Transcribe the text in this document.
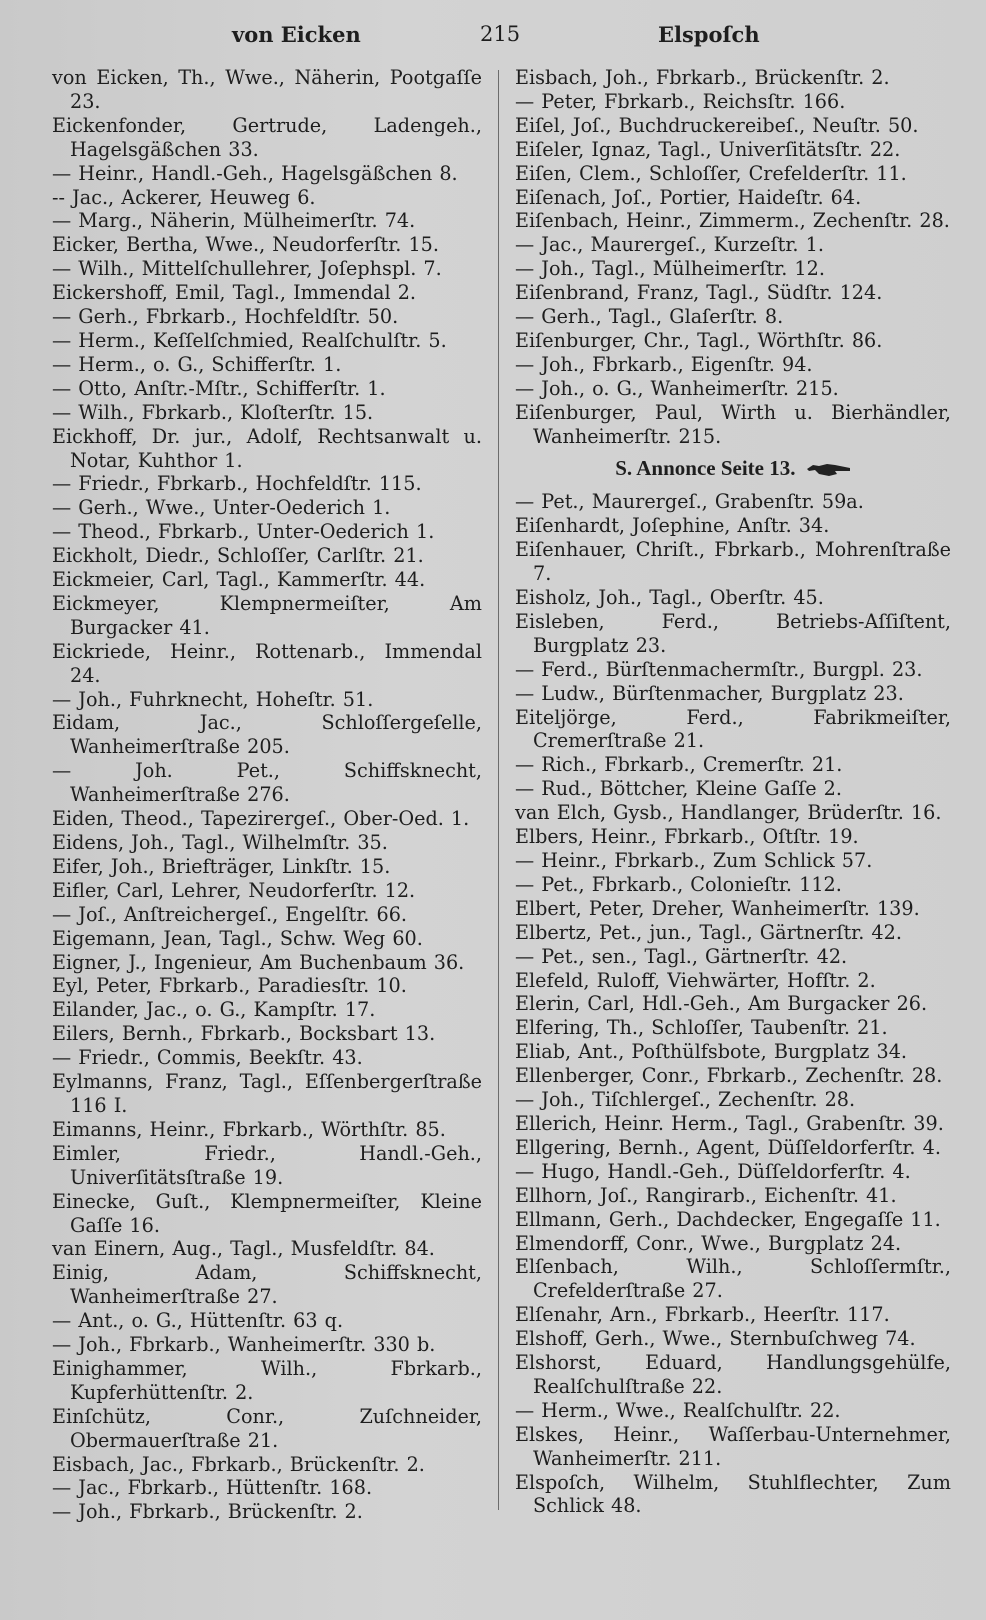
von Eicken	215	Elspoſch
von Eicken, Th., Wwe., Näherin, Pootgaſſe 23.
Eickenfonder, Gertrude, Ladengeh., Hagelsgäßchen 33.
— Heinr., Handl.-Geh., Hagelsgäßchen 8.
-- Jac., Ackerer, Heuweg 6.
— Marg., Näherin, Mülheimerſtr. 74.
Eicker, Bertha, Wwe., Neudorferſtr. 15.
— Wilh., Mittelſchullehrer, Joſephspl. 7.
Eickershoff, Emil, Tagl., Immendal 2.
— Gerh., Fbrkarb., Hochfeldſtr. 50.
— Herm., Keſſelſchmied, Realſchulſtr. 5.
— Herm., o. G., Schifferſtr. 1.
— Otto, Anſtr.-Mſtr., Schifferſtr. 1.
— Wilh., Fbrkarb., Kloſterſtr. 15.
Eickhoff, Dr. jur., Adolf, Rechtsanwalt u. Notar, Kuhthor 1.
— Friedr., Fbrkarb., Hochfeldſtr. 115.
— Gerh., Wwe., Unter-Oederich 1.
— Theod., Fbrkarb., Unter-Oederich 1.
Eickholt, Diedr., Schloſſer, Carlſtr. 21.
Eickmeier, Carl, Tagl., Kammerſtr. 44.
Eickmeyer, Klempnermeiſter, Am Burgacker 41.
Eickriede, Heinr., Rottenarb., Immendal 24.
— Joh., Fuhrknecht, Hoheſtr. 51.
Eidam, Jac., Schloſſergeſelle, Wanheimerſtraße 205.
— Joh. Pet., Schiffsknecht, Wanheimerſtraße 276.
Eiden, Theod., Tapezirergeſ., Ober-Oed. 1.
Eidens, Joh., Tagl., Wilhelmſtr. 35.
Eifer, Joh., Briefträger, Linkſtr. 15.
Eifler, Carl, Lehrer, Neudorferſtr. 12.
— Joſ., Anſtreichergeſ., Engelſtr. 66.
Eigemann, Jean, Tagl., Schw. Weg 60.
Eigner, J., Ingenieur, Am Buchenbaum 36.
Eyl, Peter, Fbrkarb., Paradiesſtr. 10.
Eilander, Jac., o. G., Kampſtr. 17.
Eilers, Bernh., Fbrkarb., Bocksbart 13.
— Friedr., Commis, Beekſtr. 43.
Eylmanns, Franz, Tagl., Eſſenbergerſtraße 116 I.
Eimanns, Heinr., Fbrkarb., Wörthſtr. 85.
Eimler, Friedr., Handl.-Geh., Univerſitätsſtraße 19.
Einecke, Guſt., Klempnermeiſter, Kleine Gaſſe 16.
van Einern, Aug., Tagl., Musfeldſtr. 84.
Einig, Adam, Schiffsknecht, Wanheimerſtraße 27.
— Ant., o. G., Hüttenſtr. 63 q.
— Joh., Fbrkarb., Wanheimerſtr. 330 b.
Einighammer, Wilh., Fbrkarb., Kupferhüttenſtr. 2.
Einſchütz, Conr., Zuſchneider, Obermauerſtraße 21.
Eisbach, Jac., Fbrkarb., Brückenſtr. 2.
— Jac., Fbrkarb., Hüttenſtr. 168.
— Joh., Fbrkarb., Brückenſtr. 2.
Eisbach, Joh., Fbrkarb., Brückenſtr. 2.
— Peter, Fbrkarb., Reichsſtr. 166.
Eiſel, Joſ., Buchdruckereibeſ., Neuſtr. 50.
Eiſeler, Ignaz, Tagl., Univerſitätsſtr. 22.
Eiſen, Clem., Schloſſer, Crefelderſtr. 11.
Eiſenach, Joſ., Portier, Haideſtr. 64.
Eiſenbach, Heinr., Zimmerm., Zechenſtr. 28.
— Jac., Maurergeſ., Kurzeſtr. 1.
— Joh., Tagl., Mülheimerſtr. 12.
Eiſenbrand, Franz, Tagl., Südſtr. 124.
— Gerh., Tagl., Glaſerſtr. 8.
Eiſenburger, Chr., Tagl., Wörthſtr. 86.
— Joh., Fbrkarb., Eigenſtr. 94.
— Joh., o. G., Wanheimerſtr. 215.
Eiſenburger, Paul, Wirth u. Bierhändler, Wanheimerſtr. 215.
S. Annonce Seite 13.
— Pet., Maurergeſ., Grabenſtr. 59a.
Eiſenhardt, Joſephine, Anſtr. 34.
Eiſenhauer, Chriſt., Fbrkarb., Mohrenſtraße 7.
Eisholz, Joh., Tagl., Oberſtr. 45.
Eisleben, Ferd., Betriebs-Aſſiſtent, Burgplatz 23.
— Ferd., Bürſtenmachermſtr., Burgpl. 23.
— Ludw., Bürſtenmacher, Burgplatz 23.
Eiteljörge, Ferd., Fabrikmeiſter, Cremerſtraße 21.
— Rich., Fbrkarb., Cremerſtr. 21.
— Rud., Böttcher, Kleine Gaſſe 2.
van Elch, Gysb., Handlanger, Brüderſtr. 16.
Elbers, Heinr., Fbrkarb., Oſtſtr. 19.
— Heinr., Fbrkarb., Zum Schlick 57.
— Pet., Fbrkarb., Colonieſtr. 112.
Elbert, Peter, Dreher, Wanheimerſtr. 139.
Elbertz, Pet., jun., Tagl., Gärtnerſtr. 42.
— Pet., sen., Tagl., Gärtnerſtr. 42.
Elefeld, Ruloff, Viehwärter, Hofſtr. 2.
Elerin, Carl, Hdl.-Geh., Am Burgacker 26.
Elfering, Th., Schloſſer, Taubenſtr. 21.
Eliab, Ant., Poſthülfsbote, Burgplatz 34.
Ellenberger, Conr., Fbrkarb., Zechenſtr. 28.
— Joh., Tiſchlergeſ., Zechenſtr. 28.
Ellerich, Heinr. Herm., Tagl., Grabenſtr. 39.
Ellgering, Bernh., Agent, Düſſeldorferſtr. 4.
— Hugo, Handl.-Geh., Düſſeldorferſtr. 4.
Ellhorn, Joſ., Rangirarb., Eichenſtr. 41.
Ellmann, Gerh., Dachdecker, Engegaſſe 11.
Elmendorff, Conr., Wwe., Burgplatz 24.
Elſenbach, Wilh., Schloſſermſtr., Crefelderſtraße 27.
Elſenahr, Arn., Fbrkarb., Heerſtr. 117.
Elshoff, Gerh., Wwe., Sternbuſchweg 74.
Elshorst, Eduard, Handlungsgehülfe, Realſchulſtraße 22.
— Herm., Wwe., Realſchulſtr. 22.
Elskes, Heinr., Waſſerbau-Unternehmer, Wanheimerſtr. 211.
Elspoſch, Wilhelm, Stuhlflechter, Zum Schlick 48.
